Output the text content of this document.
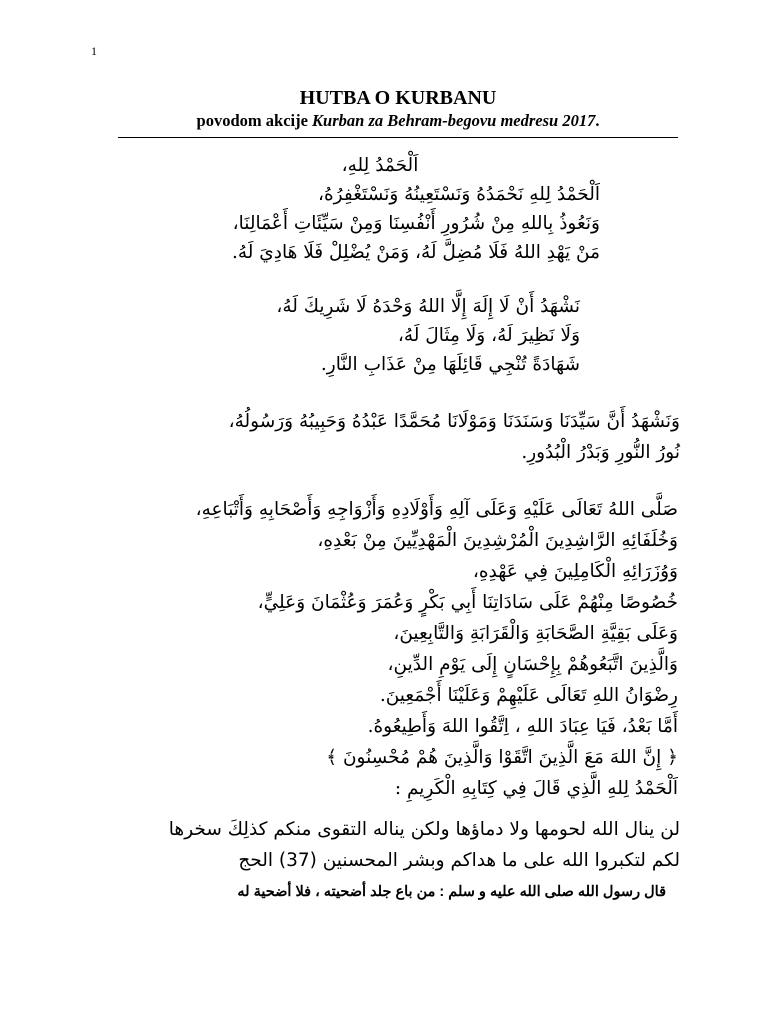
1
HUTBA O KURBANU
povodom akcije Kurban za Behram-begovu medresu 2017.
اَلْحَمْدُ لِلهِ،
اَلْحَمْدُ لِلهِ نَحْمَدُهُ وَنَسْتَعِينُهُ وَنَسْتَغْفِرُهُ،
وَنَعُوذُ بِاللهِ مِنْ شُرُورِ أَنْفُسِنَا وَمِنْ سَيِّئَاتِ أَعْمَالِنَا،
مَنْ يَهْدِ اللهُ فَلَا مُضِلَّ لَهُ، وَمَنْ يُضْلِلْ فَلَا هَادِيَ لَهُ.
نَشْهَدُ أَنْ لَا إِلَهَ إِلَّا اللهُ وَحْدَهُ لَا شَرِيكَ لَهُ،
وَلَا نَظِيرَ لَهُ، وَلَا مِثَالَ لَهُ،
شَهَادَةً تُنْجِي قَائِلَهَا مِنْ عَذَابِ النَّارِ.
وَنَشْهَدُ أَنَّ سَيِّدَنَا وَسَنَدَنَا وَمَوْلَانَا مُحَمَّدًا عَبْدُهُ وَحَبِيبُهُ وَرَسُولُهُ،
نُورُ النُّورِ وَبَدْرُ الْبُدُورِ.
صَلَّى اللهُ تَعَالَى عَلَيْهِ وَعَلَى آلِهِ وَأَوْلَادِهِ وَأَزْوَاجِهِ وَأَصْحَابِهِ وَأَتْبَاعِهِ،
وَخُلَفَائِهِ الرَّاشِدِينَ الْمُرْشِدِينَ الْمَهْدِيِّينَ مِنْ بَعْدِهِ،
وَوُزَرَائِهِ الْكَامِلِينَ فِي عَهْدِهِ،
خُصُوصًا مِنْهُمْ عَلَى سَادَاتِنَا أَبِي بَكْرٍ وَعُمَرَ وَعُثْمَانَ وَعَلِيٍّ،
وَعَلَى بَقِيَّةِ الصَّحَابَةِ وَالْقَرَابَةِ وَالتَّابِعِينَ،
وَالَّذِينَ اتَّبَعُوهُمْ بِإِحْسَانٍ إِلَى يَوْمِ الدِّينِ،
رِضْوَانُ اللهِ تَعَالَى عَلَيْهِمْ وَعَلَيْنَا أَجْمَعِينَ.
أَمَّا بَعْدُ، فَيَا عِبَادَ اللهِ ، اِتَّقُوا اللهَ وَأَطِيعُوهُ.
﴿ إِنَّ اللهَ مَعَ الَّذِينَ اتَّقَوْا وَالَّذِينَ هُمْ مُحْسِنُونَ ﴾
اَلْحَمْدُ لِلهِ الَّذِي قَالَ فِي كِتَابِهِ الْكَرِيمِ :
لن ينال الله لحومها ولا دماؤها ولكن يناله التقوى منكم كذلِكَ سخرها
لكم لتكبروا الله على ما هداكم وبشر المحسنين (37) الحج
قال رسول الله صلى الله عليه و سلم : من باع جلد أضحيته ، فلا أضحية له
